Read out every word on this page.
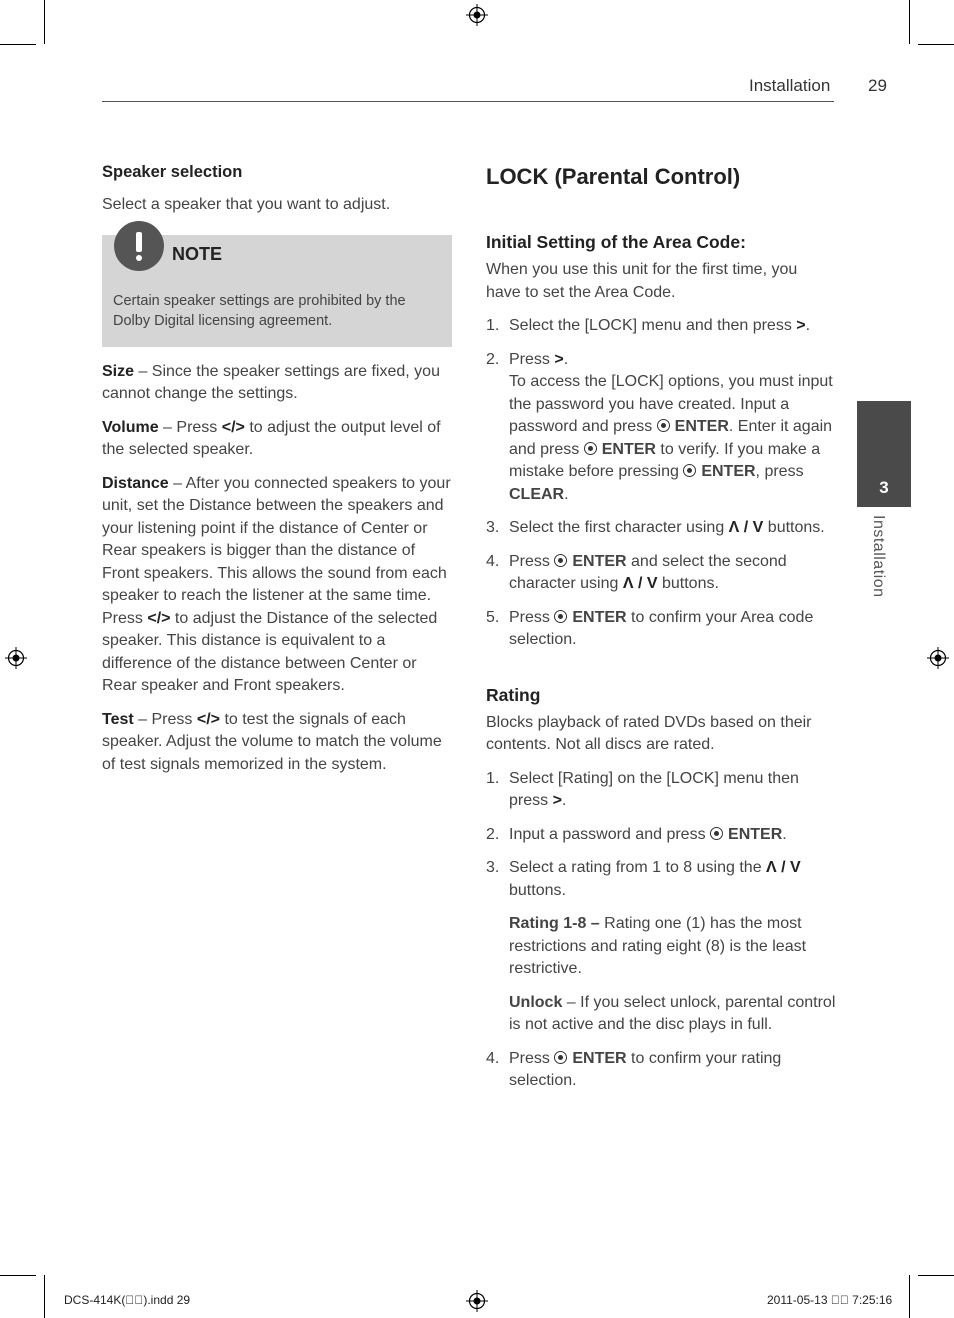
Installation 29
3
Installation
Speaker selection

Select a speaker that you want to adjust.

NOTE
Certain speaker settings are prohibited by the Dolby Digital licensing agreement.

Size – Since the speaker settings are fixed, you cannot change the settings.

Volume – Press </> to adjust the output level of the selected speaker.

Distance – After you connected speakers to your unit, set the Distance between the speakers and your listening point if the distance of Center or Rear speakers is bigger than the distance of Front speakers. This allows the sound from each speaker to reach the listener at the same time. Press </> to adjust the Distance of the selected speaker. This distance is equivalent to a difference of the distance between Center or Rear speaker and Front speakers.

Test – Press </> to test the signals of each speaker. Adjust the volume to match the volume of test signals memorized in the system.

LOCK (Parental Control)
Initial Setting of the Area Code:

When you use this unit for the first time, you have to set the Area Code.

1. Select the [LOCK] menu and then press >.
2. Press >.
To access the [LOCK] options, you must input the password you have created. Input a password and press ENTER. Enter it again and press ENTER to verify. If you make a mistake before pressing ENTER, press CLEAR.
3. Select the first character using Λ / V buttons.
4. Press ENTER and select the second character using Λ / V buttons.
5. Press ENTER to confirm your Area code selection.
Rating

Blocks playback of rated DVDs based on their contents. Not all discs are rated.

1. Select [Rating] on the [LOCK] menu then press >.
2. Input a password and press ENTER.
3. Select a rating from 1 to 8 using the Λ / V buttons.
Rating 1-8 – Rating one (1) has the most restrictions and rating eight (8) is the least restrictive.
Unlock – If you select unlock, parental control is not active and the disc plays in full.
4. Press ENTER to confirm your rating selection.
DCS-414K(  ).indd 29	2011-05-13    7:25:16
